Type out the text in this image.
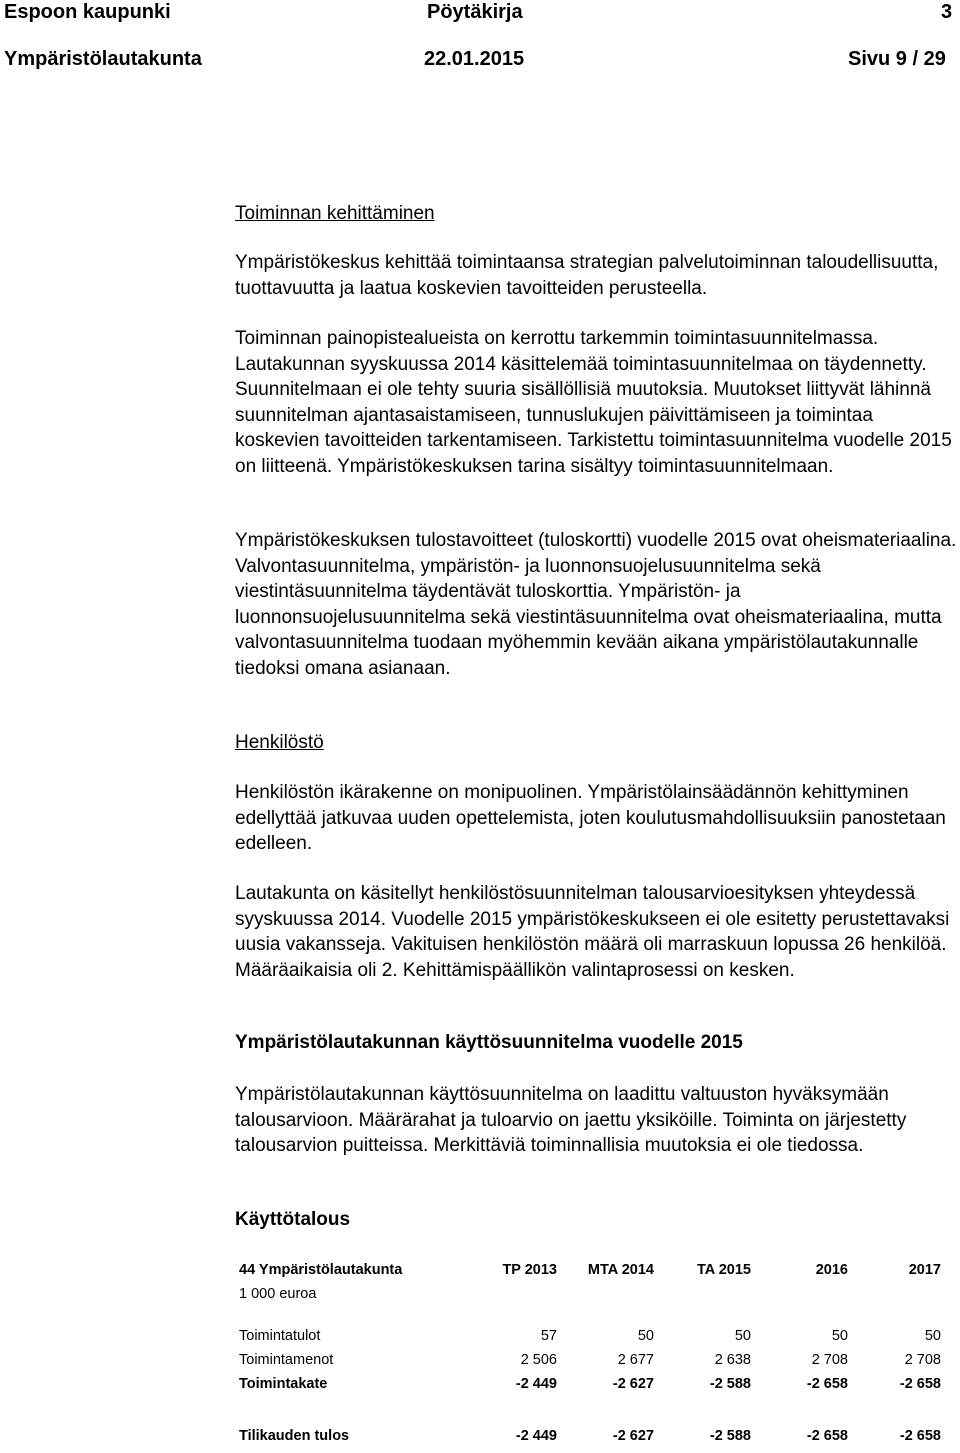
Espoon kaupunki	Pöytäkirja	3
Ympäristölautakunta	22.01.2015	Sivu 9 / 29
Toiminnan kehittäminen
Ympäristökeskus kehittää toimintaansa strategian palvelutoiminnan taloudellisuutta, tuottavuutta ja laatua koskevien tavoitteiden perusteella.
Toiminnan painopistealueista on kerrottu tarkemmin toimintasuunnitelmassa. Lautakunnan syyskuussa 2014 käsittelemää toimintasuunnitelmaa on täydennetty. Suunnitelmaan ei ole tehty suuria sisällöllisiä muutoksia. Muutokset liittyvät lähinnä suunnitelman ajantasaistamiseen, tunnuslukujen päivittämiseen ja toimintaa koskevien tavoitteiden tarkentamiseen. Tarkistettu toimintasuunnitelma vuodelle 2015 on liitteenä. Ympäristökeskuksen tarina sisältyy toimintasuunnitelmaan.
Ympäristökeskuksen tulostavoitteet (tuloskortti) vuodelle 2015 ovat oheismateriaalina. Valvontasuunnitelma, ympäristön- ja luonnonsuojelusuunnitelma sekä viestintäsuunnitelma täydentävät tuloskorttia. Ympäristön- ja luonnonsuojelusuunnitelma sekä viestintäsuunnitelma ovat oheismateriaalina, mutta valvontasuunnitelma tuodaan myöhemmin kevään aikana ympäristölautakunnalle tiedoksi omana asianaan.
Henkilöstö
Henkilöstön ikärakenne on monipuolinen. Ympäristölainsäädännön kehittyminen edellyttää jatkuvaa uuden opettelemista, joten koulutusmahdollisuuksiin panostetaan edelleen.
Lautakunta on käsitellyt henkilöstösuunnitelman talousarvioesityksen yhteydessä syyskuussa 2014. Vuodelle 2015 ympäristökeskukseen ei ole esitetty perustettavaksi uusia vakansseja. Vakituisen henkilöstön määrä oli marraskuun lopussa 26 henkilöä. Määräaikaisia oli 2. Kehittämispäällikön valintaprosessi on kesken.
Ympäristölautakunnan käyttösuunnitelma vuodelle 2015
Ympäristölautakunnan käyttösuunnitelma on laadittu valtuuston hyväksymään talousarvioon. Määrärahat ja tuloarvio on jaettu yksiköille. Toiminta on järjestetty talousarvion puitteissa. Merkittäviä toiminnallisia muutoksia ei ole tiedossa.
Käyttötalous
44 Ympäristölautakunta	TP 2013	MTA 2014	TA 2015	2016	2017
1 000 euroa					

Toimintatulot	57	50	50	50	50
Toimintamenot	2 506	2 677	2 638	2 708	2 708
Toimintakate	-2 449	-2 627	-2 588	-2 658	-2 658

Tilikauden tulos	-2 449	-2 627	-2 588	-2 658	-2 658
